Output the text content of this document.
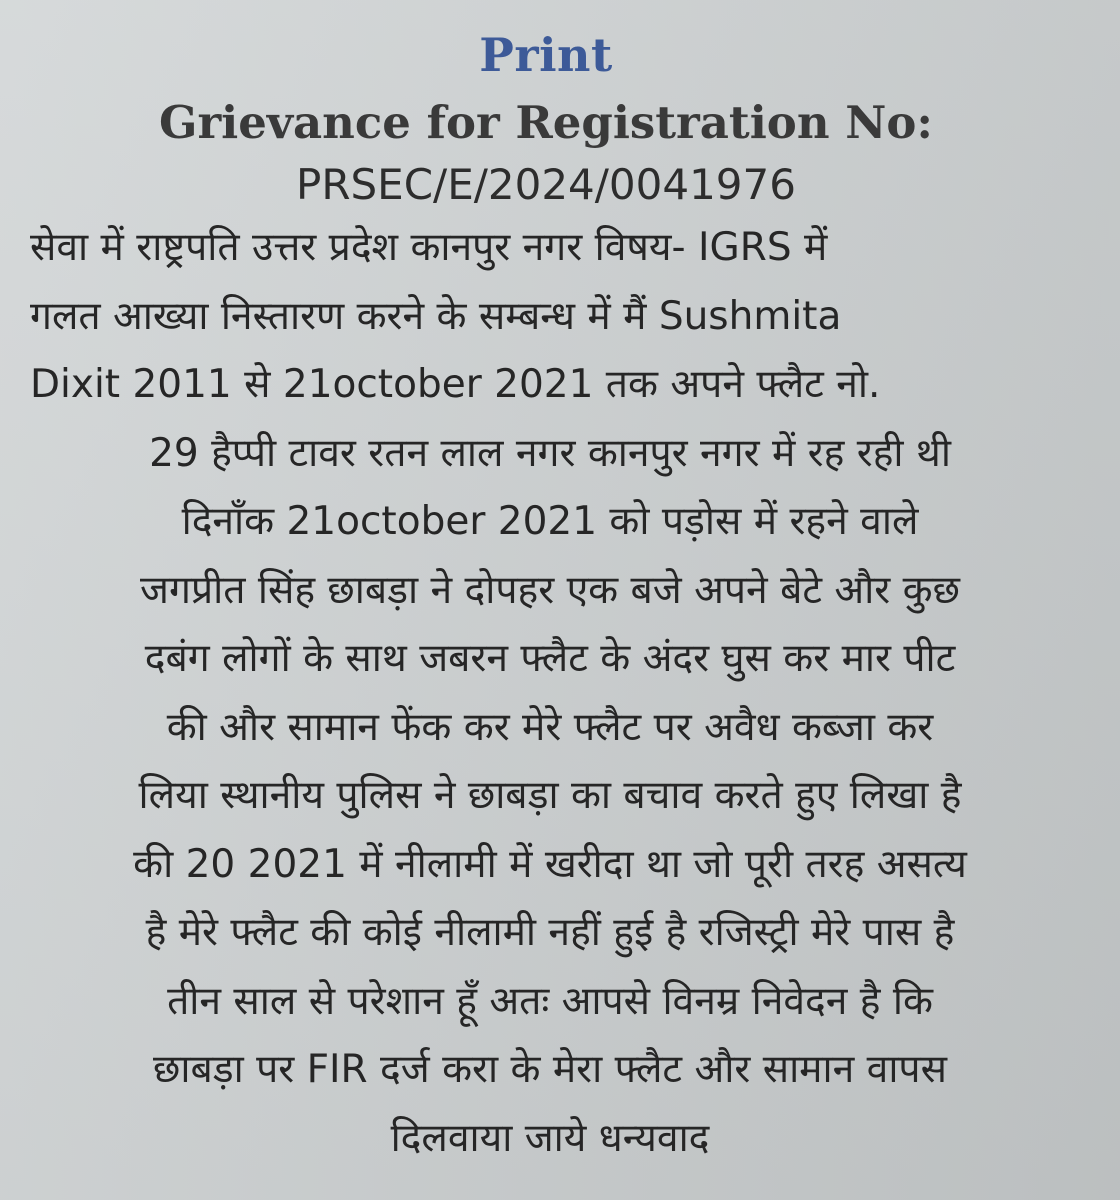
Print
Grievance for Registration No:
PRSEC/E/2024/0041976
सेवा में राष्ट्रपति उत्तर प्रदेश कानपुर नगर विषय- IGRS में
गलत आख्या निस्तारण करने के सम्बन्ध में मैं Sushmita
Dixit 2011 से 21october 2021 तक अपने फ्लैट नो.
29 हैप्पी टावर रतन लाल नगर कानपुर नगर में रह रही थी
दिनाँक 21october 2021 को पड़ोस में रहने वाले
जगप्रीत सिंह छाबड़ा ने दोपहर एक बजे अपने बेटे और कुछ
दबंग लोगों के साथ जबरन फ्लैट के अंदर घुस कर मार पीट
की और सामान फेंक कर मेरे फ्लैट पर अवैध कब्जा कर
लिया स्थानीय पुलिस ने छाबड़ा का बचाव करते हुए लिखा है
की 20 2021 में नीलामी में खरीदा था जो पूरी तरह असत्य
है मेरे फ्लैट की कोई नीलामी नहीं हुई है रजिस्ट्री मेरे पास है
तीन साल से परेशान हूँ अतः आपसे विनम्र निवेदन है कि
छाबड़ा पर FIR दर्ज करा के मेरा फ्लैट और सामान वापस
दिलवाया जाये धन्यवाद
